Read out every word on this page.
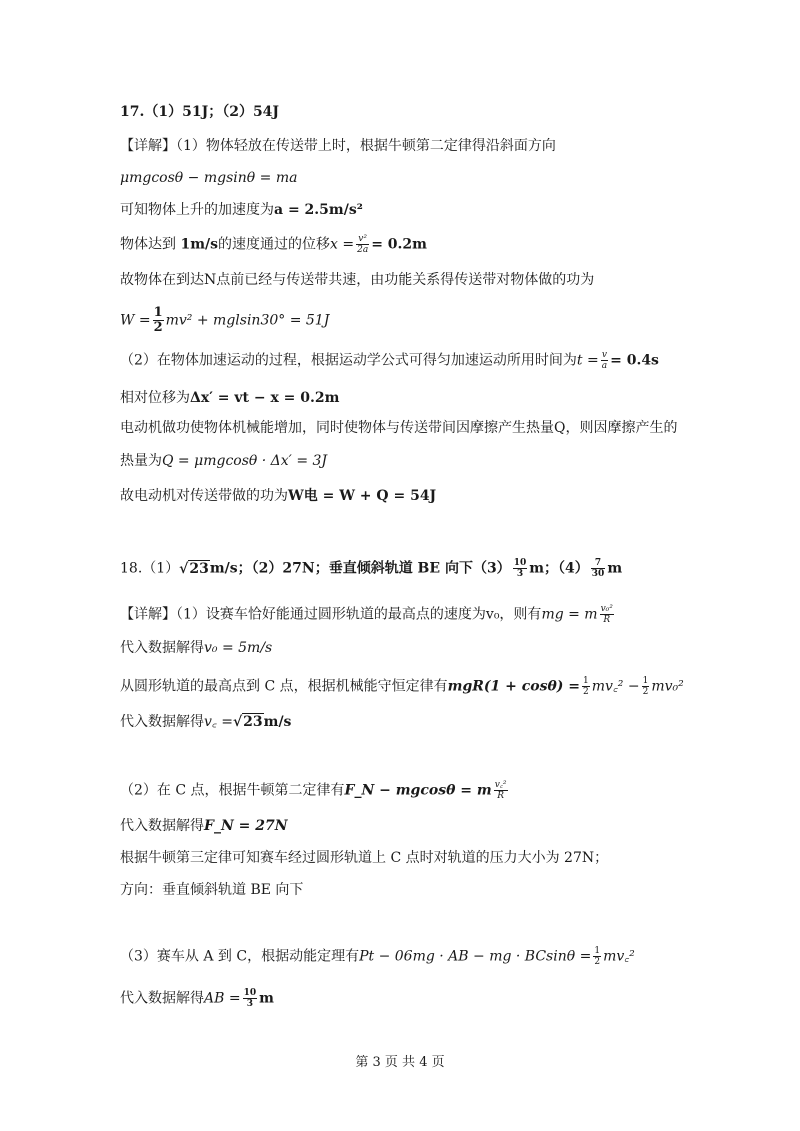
17.（1）51J；（2）54J
【详解】（1）物体轻放在传送带上时，根据牛顿第二定律得沿斜面方向
μmgcosθ − mgsinθ = ma
可知物体上升的加速度为a = 2.5m/s²
物体达到 1m/s的速度通过的位移$x = \frac{\text{v²}}{2a} = 0.2m$
故物体在到达N点前已经与传送带共速，由功能关系得传送带对物体做的功为
$W = \frac{1}{2} mv^2 + mglsin30^\circ = 51J$
（2）在物体加速运动的过程，根据运动学公式可得匀加速运动所用时间为$t = \frac{v}{a} = 0.4s$
相对位移为Δx′ = vt − x = 0.2m
电动机做功使物体机械能增加，同时使物体与传送带间因摩擦产生热量Q，则因摩擦产生的
热量为Q = μmgcosθ · Δx′ = 3J
故电动机对传送带做的功为W电 = W + Q = 54J
18.（1）√23m/s；（2）27N；垂直倾斜轨道 BE 向下$(3) \frac{10}{3}$ m；$(4) \frac{7}{30}$ m
【详解】（1）设赛车恰好能通过圆形轨道的最高点的速度为v₀，则有mg = m $\frac{\text{v₀²}}{R}$
代入数据解得v₀ = 5m/s
从圆形轨道的最高点到 C 点，根据机械能守恒定律有$mgR(1 + \cos\theta) = \frac{1}{2}$ mv꜀² − $\frac{1}{2} mv_0^2$
代入数据解得v꜀ =√23m/s
（2）在 C 点，根据牛顿第二定律有F_N − mgcosθ = m $\frac{\text{v꜀²}}{R}$
代入数据解得F_N = 27N
根据牛顿第三定律可知赛车经过圆形轨道上 C 点时对轨道的压力大小为 27N；
方向：垂直倾斜轨道 BE 向下
（3）赛车从 A 到 C，根据动能定理有Pt − 06mg · AB − mg · $BCsin\theta = \frac{1}{2}$ mv꜀²
代入数据解得AB = $\frac{10}{3}$ m
第 3 页 共 4 页
